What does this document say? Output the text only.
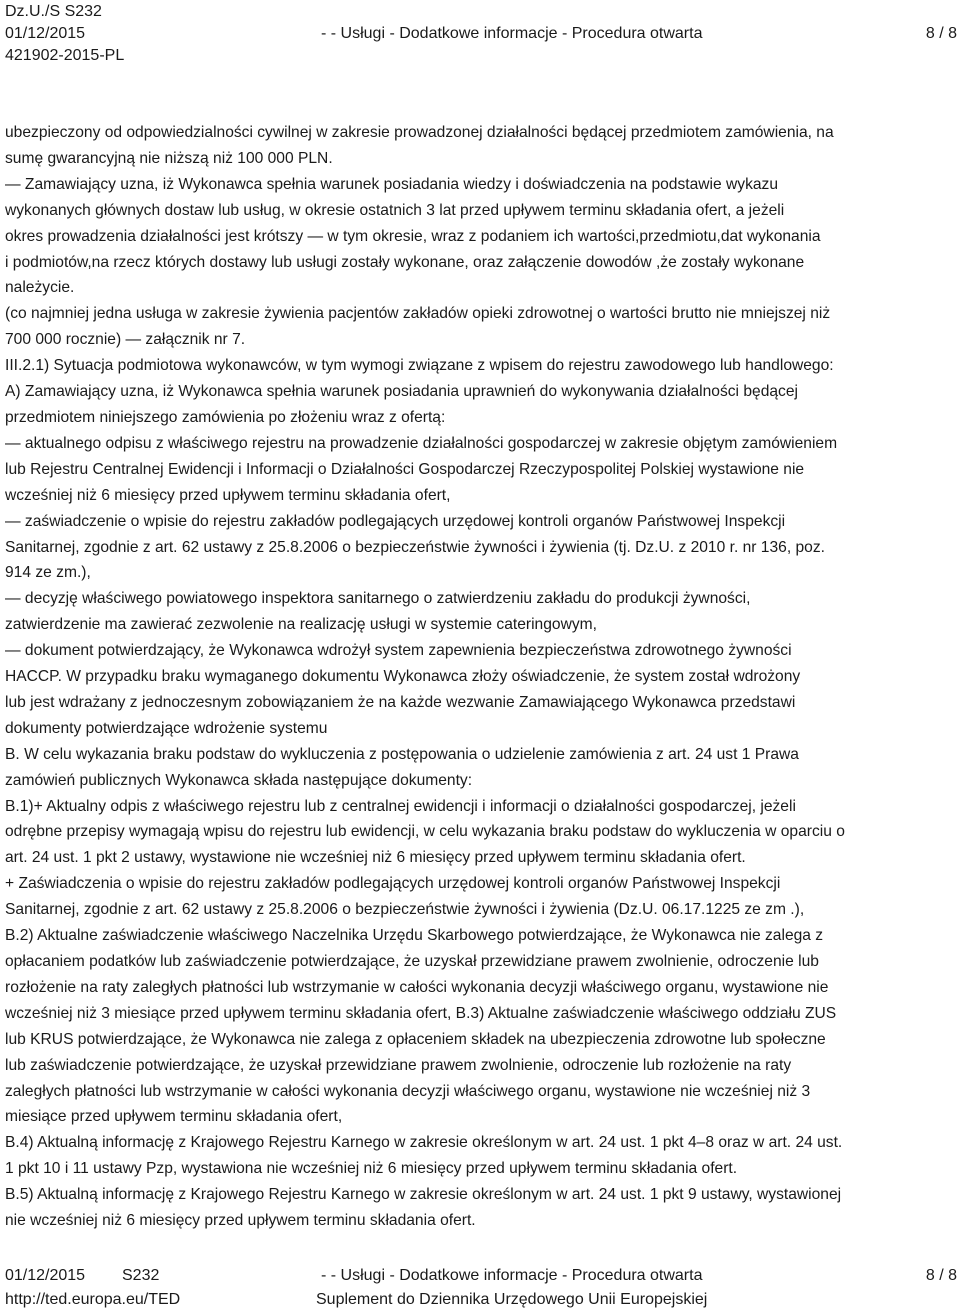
Dz.U./S S232
01/12/2015	- - Usługi - Dodatkowe informacje - Procedura otwarta	8 / 8
421902-2015-PL

ubezpieczony od odpowiedzialności cywilnej w zakresie prowadzonej działalności będącej przedmiotem zamówienia, na
sumę gwarancyjną nie niższą niż 100 000 PLN.

— Zamawiający uzna, iż Wykonawca spełnia warunek posiadania wiedzy i doświadczenia na podstawie wykazu
wykonanych głównych dostaw lub usług, w okresie ostatnich 3 lat przed upływem terminu składania ofert, a jeżeli
okres prowadzenia działalności jest krótszy — w tym okresie, wraz z podaniem ich wartości,przedmiotu,dat wykonania
i podmiotów,na rzecz których dostawy lub usługi zostały wykonane, oraz załączenie dowodów ,że zostały wykonane
należycie.

(co najmniej jedna usługa w zakresie żywienia pacjentów zakładów opieki zdrowotnej o wartości brutto nie mniejszej niż
700 000 rocznie) — załącznik nr 7.

III.2.1) Sytuacja podmiotowa wykonawców, w tym wymogi związane z wpisem do rejestru zawodowego lub handlowego:

A) Zamawiający uzna, iż Wykonawca spełnia warunek posiadania uprawnień do wykonywania działalności będącej
przedmiotem niniejszego zamówienia po złożeniu wraz z ofertą:

— aktualnego odpisu z właściwego rejestru na prowadzenie działalności gospodarczej w zakresie objętym zamówieniem
lub Rejestru Centralnej Ewidencji i Informacji o Działalności Gospodarczej Rzeczypospolitej Polskiej wystawione nie
wcześniej niż 6 miesięcy przed upływem terminu składania ofert,

— zaświadczenie o wpisie do rejestru zakładów podlegających urzędowej kontroli organów Państwowej Inspekcji
Sanitarnej, zgodnie z art. 62 ustawy z 25.8.2006 o bezpieczeństwie żywności i żywienia (tj. Dz.U. z 2010 r. nr 136, poz.
914 ze zm.),

— decyzję właściwego powiatowego inspektora sanitarnego o zatwierdzeniu zakładu do produkcji żywności,
zatwierdzenie ma zawierać zezwolenie na realizację usługi w systemie cateringowym,

— dokument potwierdzający, że Wykonawca wdrożył system zapewnienia bezpieczeństwa zdrowotnego żywności
HACCP. W przypadku braku wymaganego dokumentu Wykonawca złoży oświadczenie, że system został wdrożony
lub jest wdrażany z jednoczesnym zobowiązaniem że na każde wezwanie Zamawiającego Wykonawca przedstawi
dokumenty potwierdzające wdrożenie systemu

B. W celu wykazania braku podstaw do wykluczenia z postępowania o udzielenie zamówienia z art. 24 ust 1 Prawa
zamówień publicznych Wykonawca składa następujące dokumenty:

B.1)+ Aktualny odpis z właściwego rejestru lub z centralnej ewidencji i informacji o działalności gospodarczej, jeżeli
odrębne przepisy wymagają wpisu do rejestru lub ewidencji, w celu wykazania braku podstaw do wykluczenia w oparciu o
art. 24 ust. 1 pkt 2 ustawy, wystawione nie wcześniej niż 6 miesięcy przed upływem terminu składania ofert.

+ Zaświadczenia o wpisie do rejestru zakładów podlegających urzędowej kontroli organów Państwowej Inspekcji
Sanitarnej, zgodnie z art. 62 ustawy z 25.8.2006 o bezpieczeństwie żywności i żywienia (Dz.U. 06.17.1225 ze zm .),

B.2) Aktualne zaświadczenie właściwego Naczelnika Urzędu Skarbowego potwierdzające, że Wykonawca nie zalega z
opłacaniem podatków lub zaświadczenie potwierdzające, że uzyskał przewidziane prawem zwolnienie, odroczenie lub
rozłożenie na raty zaległych płatności lub wstrzymanie w całości wykonania decyzji właściwego organu, wystawione nie
wcześniej niż 3 miesiące przed upływem terminu składania ofert, B.3) Aktualne zaświadczenie właściwego oddziału ZUS
lub KRUS potwierdzające, że Wykonawca nie zalega z opłaceniem składek na ubezpieczenia zdrowotne lub społeczne
lub zaświadczenie potwierdzające, że uzyskał przewidziane prawem zwolnienie, odroczenie lub rozłożenie na raty
zaległych płatności lub wstrzymanie w całości wykonania decyzji właściwego organu, wystawione nie wcześniej niż 3
miesiące przed upływem terminu składania ofert,

B.4) Aktualną informację z Krajowego Rejestru Karnego w zakresie określonym w art. 24 ust. 1 pkt 4–8 oraz w art. 24 ust.
1 pkt 10 i 11 ustawy Pzp, wystawiona nie wcześniej niż 6 miesięcy przed upływem terminu składania ofert.

B.5) Aktualną informację z Krajowego Rejestru Karnego w zakresie określonym w art. 24 ust. 1 pkt 9 ustawy, wystawionej
nie wcześniej niż 6 miesięcy przed upływem terminu składania ofert.

01/12/2015 S232	- - Usługi - Dodatkowe informacje - Procedura otwarta	8 / 8
http://ted.europa.eu/TED	Suplement do Dziennika Urzędowego Unii Europejskiej
